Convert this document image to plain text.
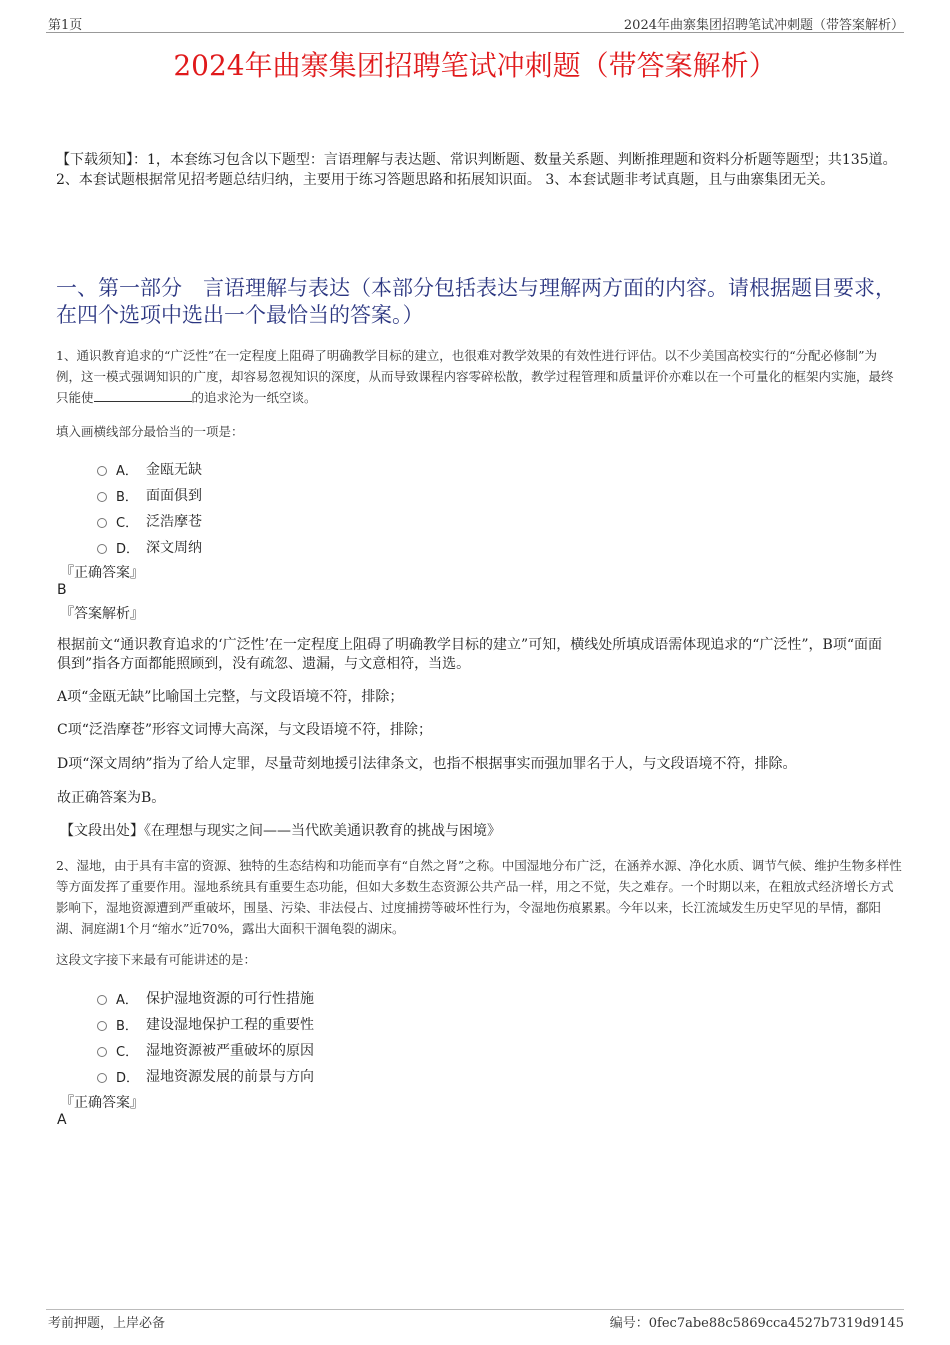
第1页	2024年曲寨集团招聘笔试冲刺题（带答案解析）
2024年曲寨集团招聘笔试冲刺题（带答案解析）
【下载须知】：1，本套练习包含以下题型：言语理解与表达题、常识判断题、数量关系题、判断推理题和资料分析题等题型；共135道。 2、本套试题根据常见招考题总结归纳，主要用于练习答题思路和拓展知识面。 3、本套试题非考试真题，且与曲寨集团无关。
一、第一部分　言语理解与表达（本部分包括表达与理解两方面的内容。请根据题目要求，在四个选项中选出一个最恰当的答案。）
1、通识教育追求的“广泛性”在一定程度上阻碍了明确教学目标的建立，也很难对教学效果的有效性进行评估。以不少美国高校实行的“分配必修制”为例，这一模式强调知识的广度，却容易忽视知识的深度，从而导致课程内容零碎松散，教学过程管理和质量评价亦难以在一个可量化的框架内实施，最终只能使	的追求沦为一纸空谈。
填入画横线部分最恰当的一项是：
A． 金瓯无缺
B． 面面俱到
C． 泛浩摩苍
D． 深文周纳
『正确答案』
B
『答案解析』
根据前文“通识教育追求的‘广泛性’在一定程度上阻碍了明确教学目标的建立”可知，横线处所填成语需体现追求的“广泛性”，B项“面面俱到”指各方面都能照顾到，没有疏忽、遗漏，与文意相符，当选。
A项“金瓯无缺”比喻国土完整，与文段语境不符，排除；
C项“泛浩摩苍”形容文词博大高深，与文段语境不符，排除；
D项“深文周纳”指为了给人定罪，尽量苛刻地援引法律条文，也指不根据事实而强加罪名于人，与文段语境不符，排除。
故正确答案为B。
【文段出处】《在理想与现实之间——当代欧美通识教育的挑战与困境》
2、湿地，由于具有丰富的资源、独特的生态结构和功能而享有“自然之肾”之称。中国湿地分布广泛，在涵养水源、净化水质、调节气候、维护生物多样性等方面发挥了重要作用。湿地系统具有重要生态功能，但如大多数生态资源公共产品一样，用之不觉，失之难存。一个时期以来，在粗放式经济增长方式影响下，湿地资源遭到严重破坏，围垦、污染、非法侵占、过度捕捞等破坏性行为，令湿地伤痕累累。今年以来，长江流域发生历史罕见的旱情，鄱阳湖、洞庭湖1个月“缩水”近70%，露出大面积干涸龟裂的湖床。
这段文字接下来最有可能讲述的是：
A． 保护湿地资源的可行性措施
B． 建设湿地保护工程的重要性
C． 湿地资源被严重破坏的原因
D． 湿地资源发展的前景与方向
『正确答案』
A
考前押题，上岸必备	编号：0fec7abe88c5869cca4527b7319d9145
